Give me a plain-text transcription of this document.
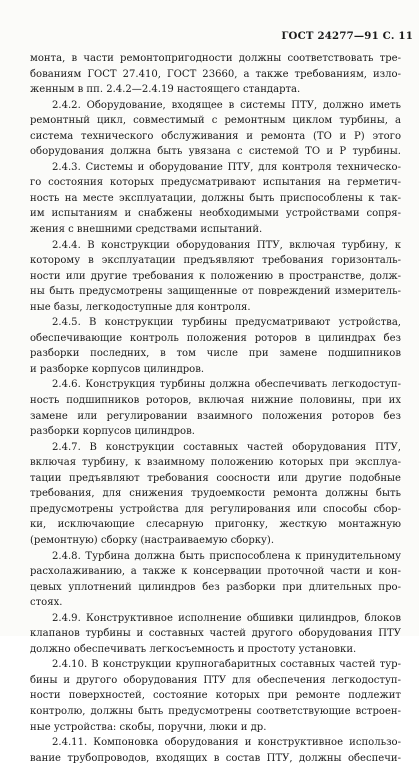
ГОСТ 24277—91 С. 11
монта, в части ремонтопригодности должны соответствовать тре-
бованиям ГОСТ 27.410, ГОСТ 23660, а также требованиям, изло-
женным в пп. 2.4.2—2.4.19 настоящего стандарта.
2.4.2. Оборудование, входящее в системы ПТУ, должно иметь
ремонтный цикл, совместимый с ремонтным циклом турбины, а
система технического обслуживания и ремонта (ТО и Р) этого
оборудования должна быть увязана с системой ТО и Р турбины.
2.4.3. Системы и оборудование ПТУ, для контроля техническо-
го состояния которых предусматривают испытания на герметич-
ность на месте эксплуатации, должны быть приспособлены к так-
им испытаниям и снабжены необходимыми устройствами сопря-
жения с внешними средствами испытаний.
2.4.4. В конструкции оборудования ПТУ, включая турбину, к
которому в эксплуатации предъявляют требования горизонталь-
ности или другие требования к положению в пространстве, долж-
ны быть предусмотрены защищенные от повреждений измеритель-
ные базы, легкодоступные для контроля.
2.4.5. В конструкции турбины предусматривают устройства,
обеспечивающие контроль положения роторов в цилиндрах без
разборки последних, в том числе при замене подшипников
и разборке корпусов цилиндров.
2.4.6. Конструкция турбины должна обеспечивать легкодоступ-
ность подшипников роторов, включая нижние половины, при их
замене или регулировании взаимного положения роторов без
разборки корпусов цилиндров.
2.4.7. В конструкции составных частей оборудования ПТУ,
включая турбину, к взаимному положению которых при эксплуа-
тации предъявляют требования соосности или другие подобные
требования, для снижения трудоемкости ремонта должны быть
предусмотрены устройства для регулирования или способы сбор-
ки, исключающие слесарную пригонку, жесткую монтажную
(ремонтную) сборку (настраиваемую сборку).
2.4.8. Турбина должна быть приспособлена к принудительному
расхолаживанию, а также к консервации проточной части и кон-
цевых уплотнений цилиндров без разборки при длительных про-
стоях.
2.4.9. Конструктивное исполнение обшивки цилиндров, блоков
клапанов турбины и составных частей другого оборудования ПТУ
должно обеспечивать легкосъемность и простоту установки.
2.4.10. В конструкции крупногабаритных составных частей тур-
бины и другого оборудования ПТУ для обеспечения легкодоступ-
ности поверхностей, состояние которых при ремонте подлежит
контролю, должны быть предусмотрены соответствующие встроен-
ные устройства: скобы, поручни, люки и др.
2.4.11. Компоновка оборудования и конструктивное использо-
вание трубопроводов, входящих в состав ПТУ, должны обеспечи-
